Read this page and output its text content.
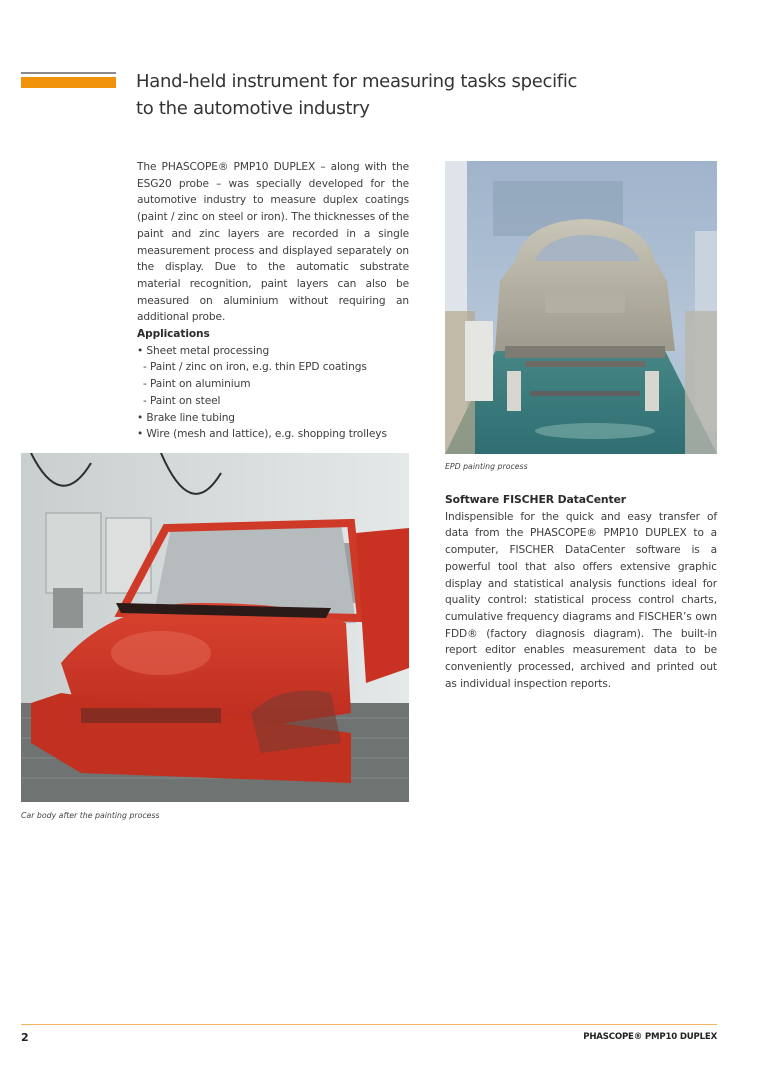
Hand-held instrument for measuring tasks specific
to the automotive industry

The PHASCOPE® PMP10 DUPLEX – along with the ESG20 probe – was specially developed for the automotive industry to measure duplex coatings (paint / zinc on steel or iron). The thicknesses of the paint and zinc layers are recorded in a single measurement process and displayed separately on the display. Due to the automatic substrate material recognition, paint layers can also be measured on aluminium without requiring an additional probe.

Applications

• Sheet metal processing
- Paint / zinc on iron, e.g. thin EPD coatings
- Paint on aluminium
- Paint on steel
• Brake line tubing
• Wire (mesh and lattice), e.g. shopping trolleys
EPD painting process
Car body after the painting process

Software FISCHER DataCenter

Indispensible for the quick and easy transfer of data from the PHASCOPE® PMP10 DUPLEX to a computer, FISCHER DataCenter software is a powerful tool that also offers extensive graphic display and statistical analysis functions ideal for quality control: statistical process control charts, cumulative frequency diagrams and FISCHER’s own FDD® (factory diagnosis diagram). The built-in report editor enables measurement data to be conveniently processed, archived and printed out as individual inspection reports.

2	PHASCOPE® PMP10 DUPLEX
